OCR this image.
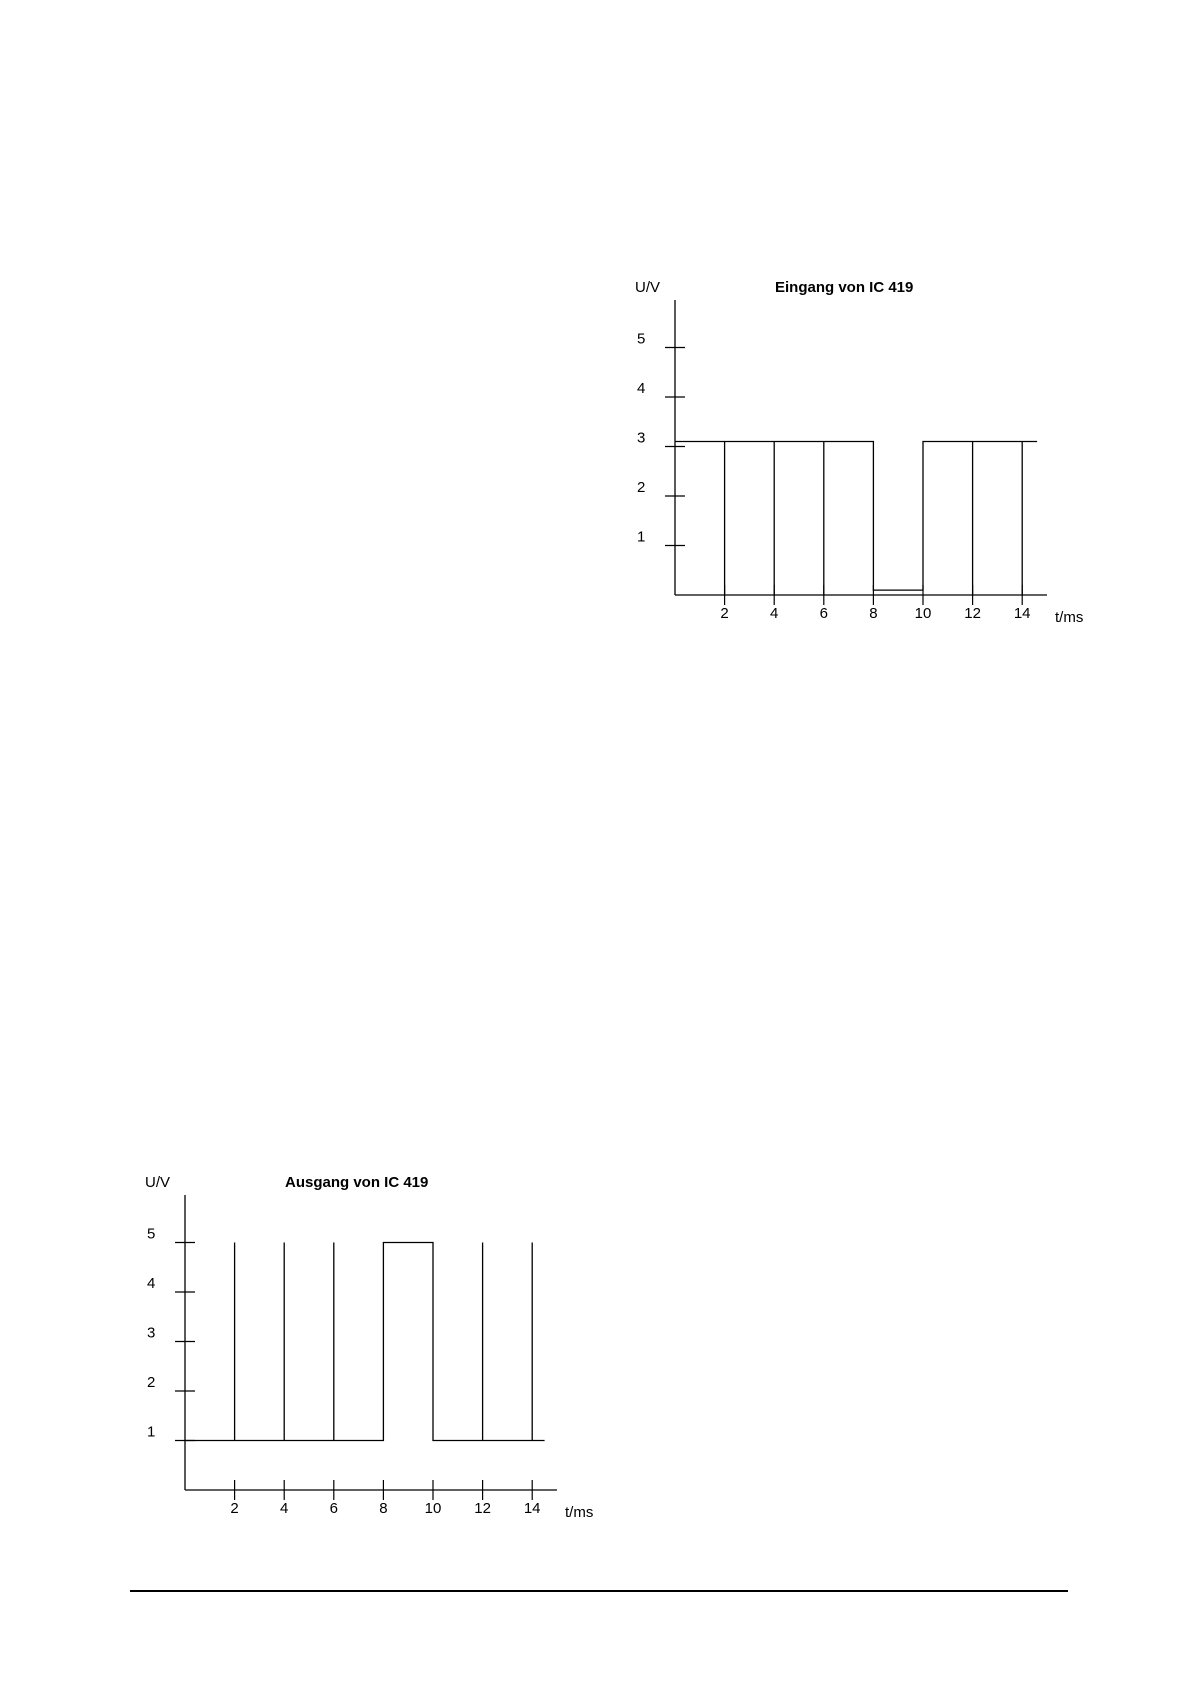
U/V	Eingang von IC 419
1
2
3
4
5
2	4	6	8 10 12 14 t/ms
U/V	Ausgang von IC 419
1
2
3
4
5
2	4	6	8 10 12 14 t/ms
